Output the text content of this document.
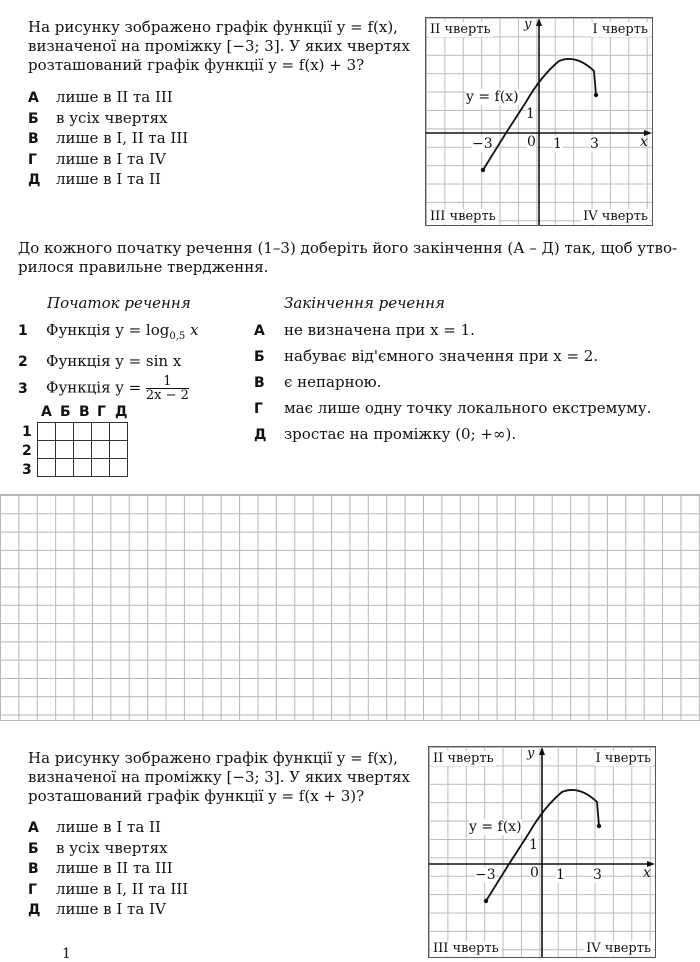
На рисунку зображено графік функції y = f(x),
визначеної на проміжку [−3; 3]. У яких чвертях
розташований графік функції y = f(x) + 3?
А лише в ІІ та ІІІ
Б в усіх чвертях
В лише в І, ІІ та ІІІ
Г лише в І та IV
Д лише в І та ІІ
ІІ чверть	І чверть
ІІІ чверть	IV чверть
y = f(x)
y
x
−3 0 1 3
1
До кожного початку речення (1–3) доберіть його закінчення (А – Д) так, щоб утво-
рилося правильне твердження.
Початок речення	Закінчення речення
1 Функція $y = \log_{0,5} x$
2 Функція y = sin x
3 Функція $y = \frac{1}{2x - 2}$
А не визначена при x = 1.
Б набуває від'ємного значення при x = 2.
В є непарною.
Г має лише одну точку локального екстремуму.
Д зростає на проміжку (0; +∞).
А Б В Г Д
1
2
3

На рисунку зображено графік функції y = f(x),
визначеної на проміжку [−3; 3]. У яких чвертях
розташований графік функції y = f(x + 3)?
А лише в І та ІІ
Б в усіх чвертях
В лише в ІІ та ІІІ
Г лише в І, ІІ та ІІІ
Д лише в І та IV
ІІ чверть	І чверть
ІІІ чверть	IV чверть
y = f(x)
y
x
−3 0 1 3
1
1
